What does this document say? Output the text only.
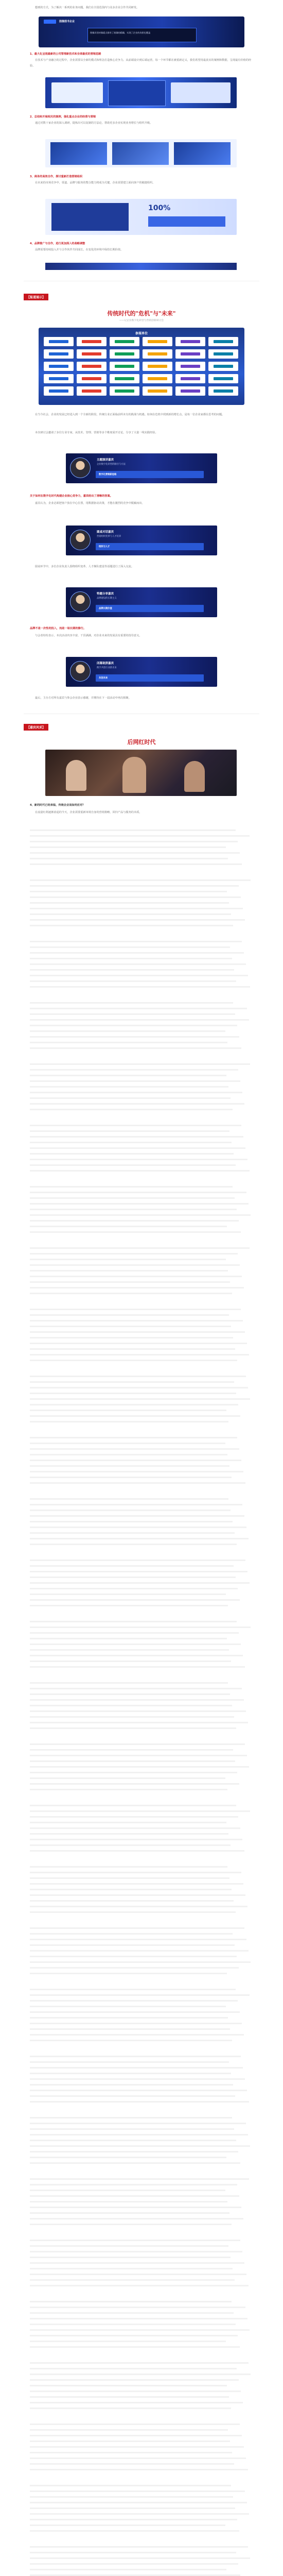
想到的方式，为了解决一系列的业务问题，我们在全国范围内与众多企业合作共同研发。

图像图书企业
图像识别对像素点都有了准确的精确，实现了企业的场景化覆盖

1、最大化呈现最新的公司管理新技术和全球最优的营销思路

在技术与产业融合的过程中，企业需要以全新的模式和理念打造核心竞争力。从前端设计到后端运营，每一个环节都在被重新定义，我们希望用最真实的案例和数据，呈现最有价值的经验。

2、总结和开展相关的案例，强化重点企业的经营与营销

通过对数十家企业的深入调研，提炼出可以复制的方法论，帮助更多企业实现业务增长与组织升级。

3、商务的高效合作，探讨重新打造营销组织

在未来的市场竞争中，渠道、品牌与服务的整合能力将成为关键，企业需要建立面向客户的敏捷组织。

100%

4、品牌推广与合作，进行更加深入的战略调整

品牌需要持续投入并与合作伙伴共同成长，在变化的环境中保持长期价值。

【报道展示】
传统时代的"危机"与"未来"
——记企业数字化转型与营销创新研讨会
参展单位

在当今社会，企业的发展已经进入到一个全新的阶段，传统行业正面临前所未有的挑战与机遇。如何在危机中找到新的增长点，是每一位企业家都在思考的问题。

本次研讨会邀请了多位行业专家，从技术、管理、营销等多个维度展开讨论，分享了大量一线实践经验。

主题演讲嘉宾
企业数字化转型的路径与方法
数字化营销新思路

关于如何在数字化时代构建企业核心竞争力，嘉宾给出了清晰的答案。

嘉宾认为，企业必须把客户放在中心位置，用数据驱动决策，才能在激烈的竞争中脱颖而出。

圆桌对话嘉宾
营销组织变革与人才培养
组织与人才

圆桌环节中，多位企业负责人围绕组织变革、人才梯队建设等话题进行了深入交流。

特邀分享嘉宾
品牌建设的长期主义
品牌长期价值

品牌不是一次性的投入，而是一场长期的修行。

与会者纷纷表示，本次活动内容丰富、干货满满，对企业未来的发展具有重要的指导意义。

闭幕致辞嘉宾
携手共创行业新未来
共创未来

最后，主办方对所有嘉宾与参会企业表示感谢，并期待在下一届活动中再次相聚。

【嘉宾风采】
后网红时代

4、新的时代已经来临，传统企业该如何应对？

在流量红利逐渐消退的今天，企业需要重新审视自身的营销策略，回归产品与服务的本质。
